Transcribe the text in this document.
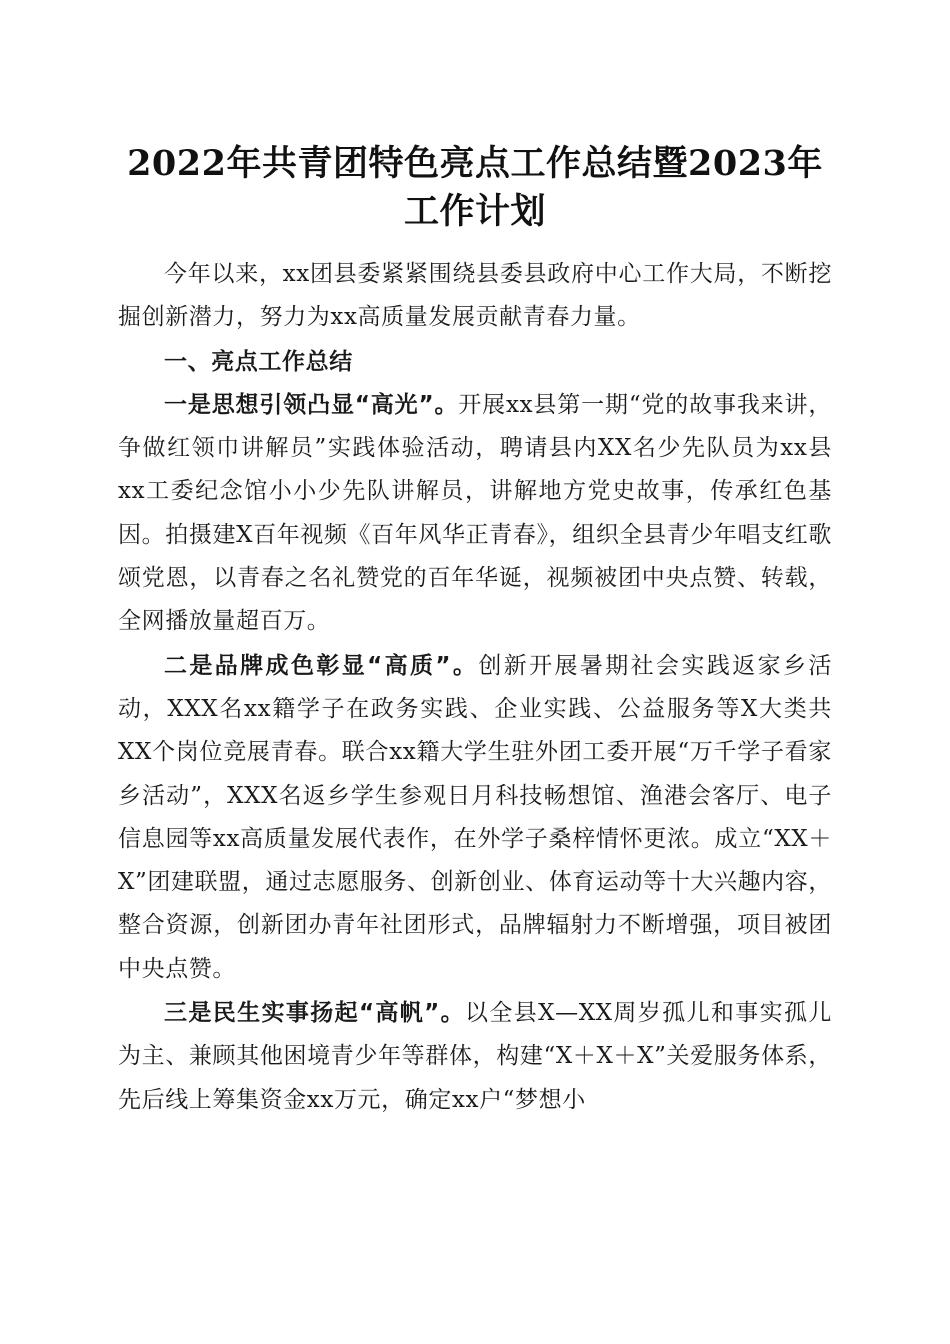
2022年共青团特色亮点工作总结暨2023年工作计划

今年以来，xx团县委紧紧围绕县委县政府中心工作大局，不断挖掘创新潜力，努力为xx高质量发展贡献青春力量。

一、亮点工作总结

一是思想引领凸显“高光”。开展xx县第一期“党的故事我来讲，争做红领巾讲解员”实践体验活动，聘请县内XX名少先队员为xx县xx工委纪念馆小小少先队讲解员，讲解地方党史故事，传承红色基因。拍摄建X百年视频《百年风华正青春》，组织全县青少年唱支红歌颂党恩，以青春之名礼赞党的百年华诞，视频被团中央点赞、转载，全网播放量超百万。

二是品牌成色彰显“高质”。创新开展暑期社会实践返家乡活动，XXX名xx籍学子在政务实践、企业实践、公益服务等X大类共XX个岗位竞展青春。联合xx籍大学生驻外团工委开展“万千学子看家乡活动”，XXX名返乡学生参观日月科技畅想馆、渔港会客厅、电子信息园等xx高质量发展代表作，在外学子桑梓情怀更浓。成立“XX＋X”团建联盟，通过志愿服务、创新创业、体育运动等十大兴趣内容，整合资源，创新团办青年社团形式，品牌辐射力不断增强，项目被团中央点赞。

三是民生实事扬起“高帆”。以全县X—XX周岁孤儿和事实孤儿为主、兼顾其他困境青少年等群体，构建“X＋X＋X”关爱服务体系，先后线上筹集资金xx万元，确定xx户“梦想小
